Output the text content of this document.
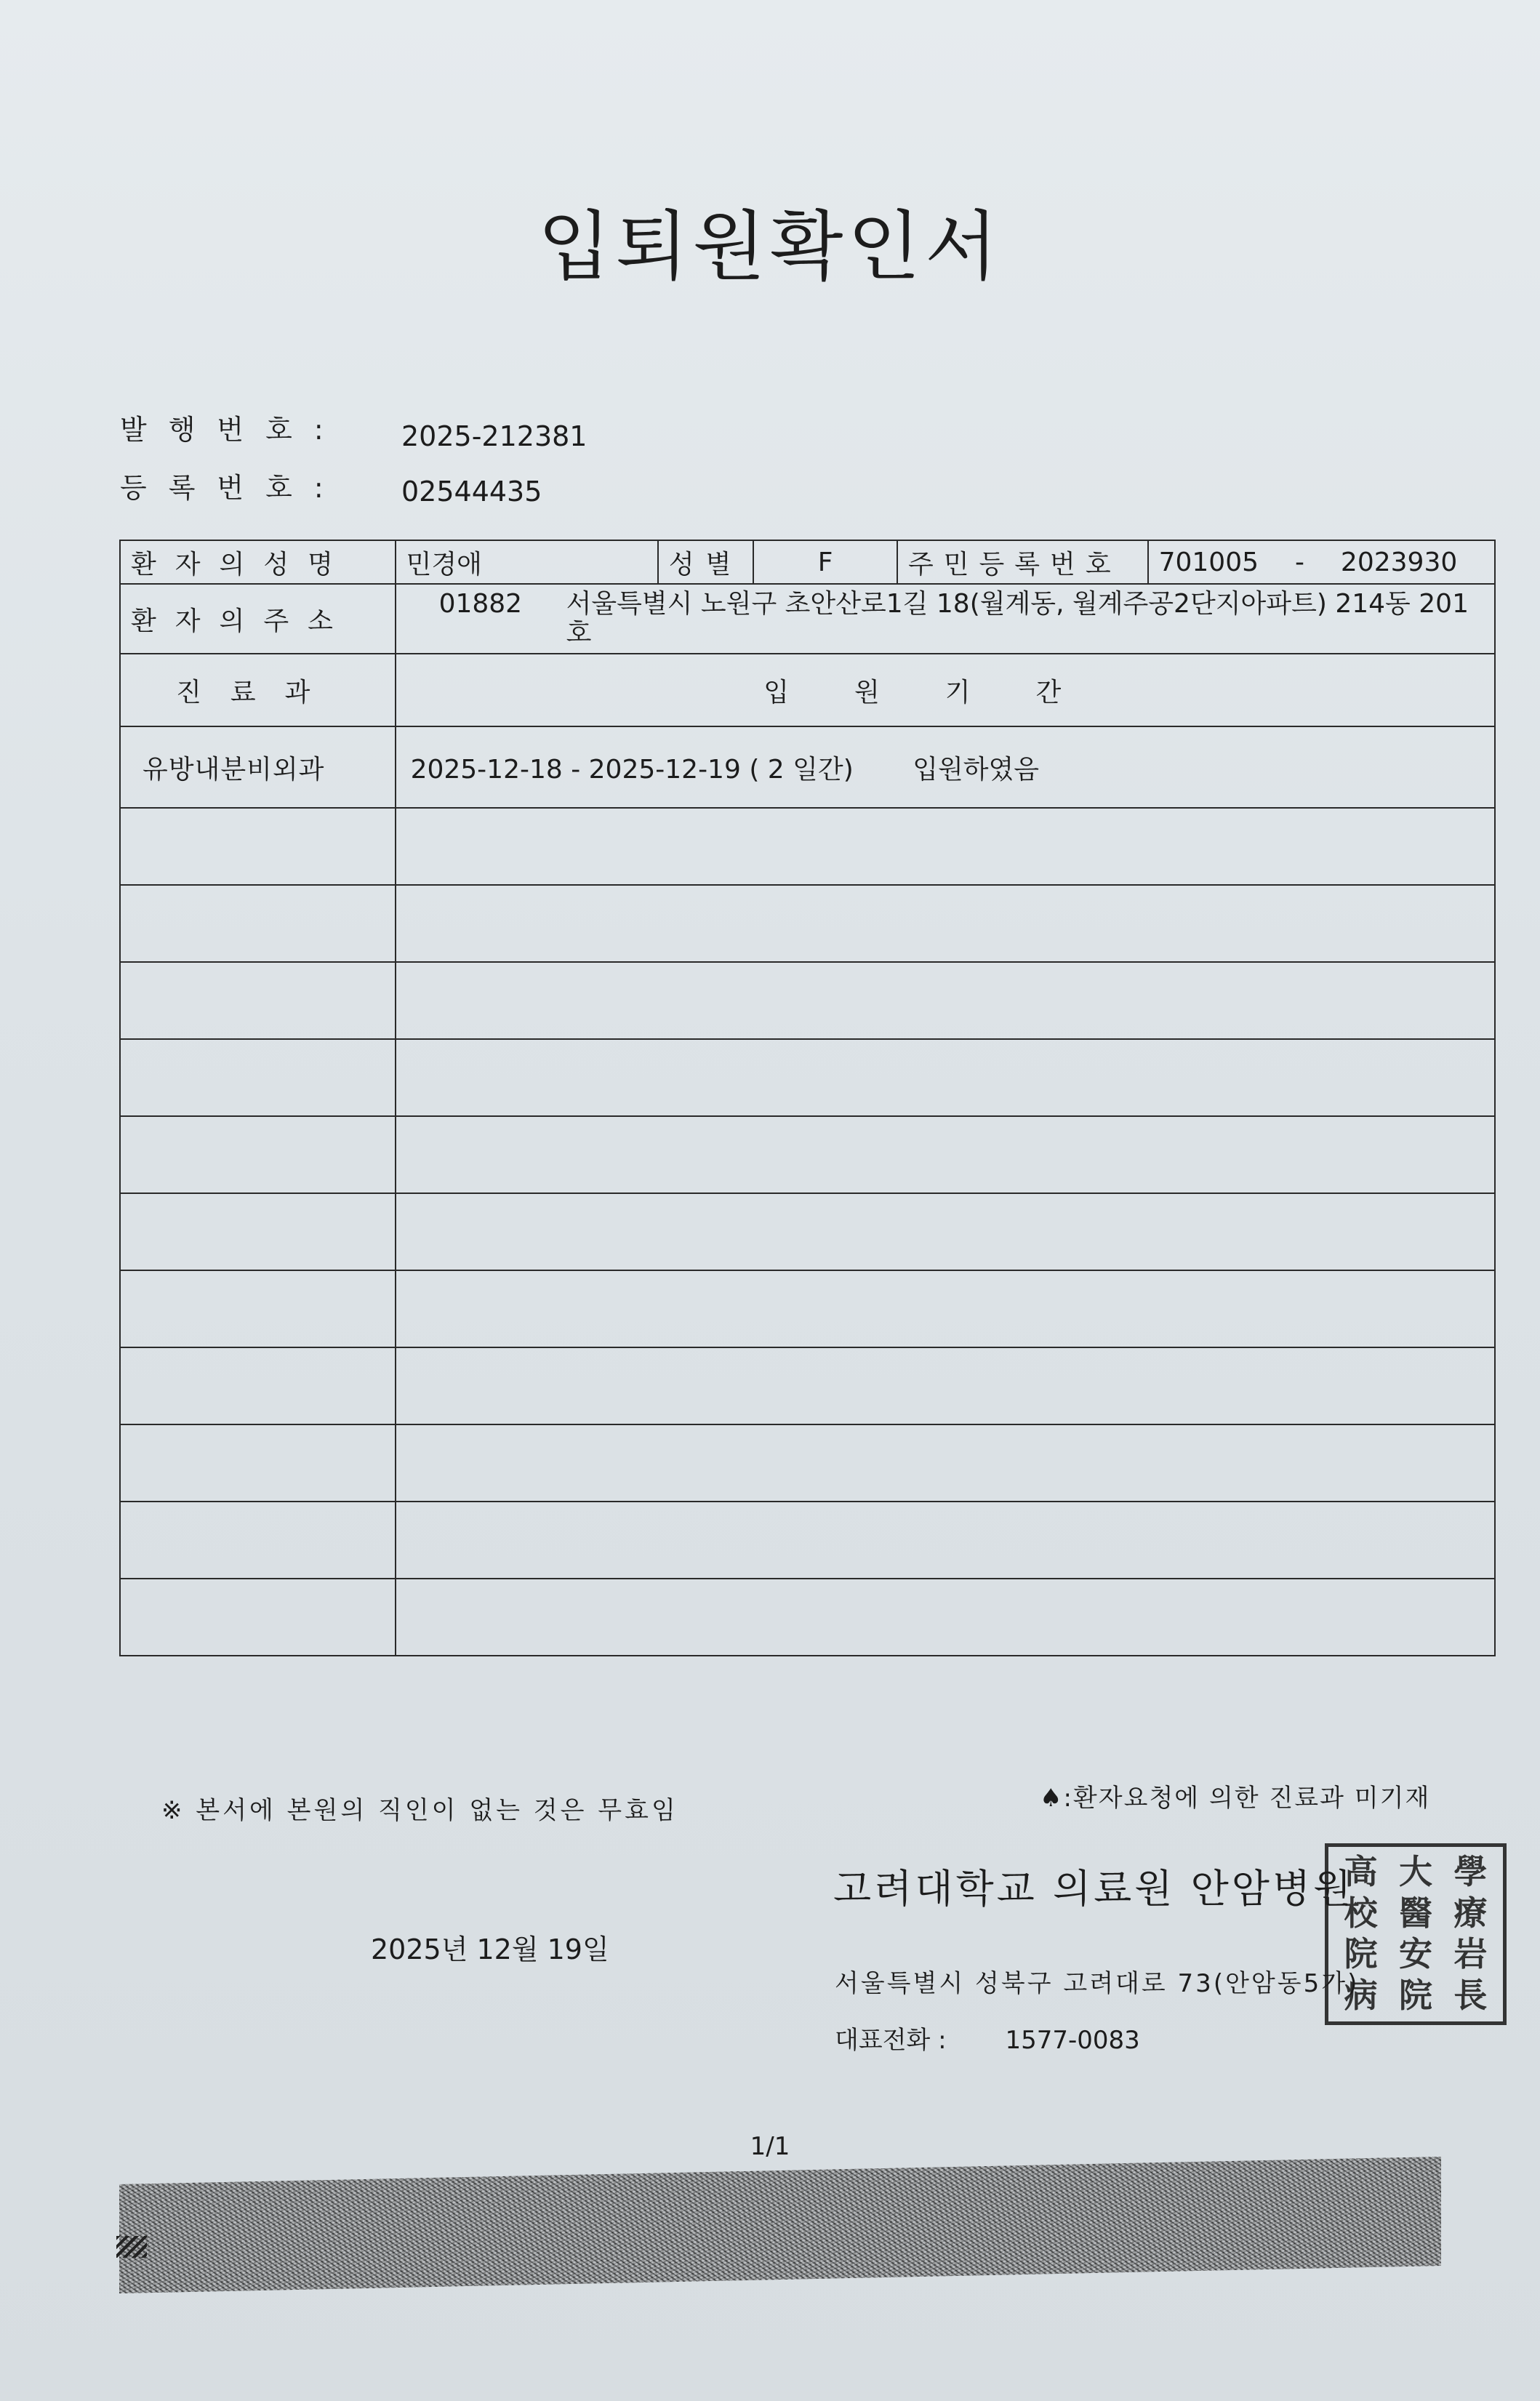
입퇴원확인서
발행번호: 2025-212381
등록번호: 02544435
환자의성명	민경애	성별	F	주민등록번호	701005 - 2023930
환자의주소	01882 서울특별시 노원구 초안산로1길 18(월계동, 월계주공2단지아파트) 214동 201호				
진료과	입원기간				
유방내분비외과	2025-12-18 - 2025-12-19 ( 2 일간) 입원하였음				

※ 본서에 본원의 직인이 없는 것은 무효임	♠:환자요청에 의한 진료과 미기재
고려대학교 의료원 안암병원
2025년 12월 19일
서울특별시 성북구 고려대로 73(안암동5가)
대표전화 : 1577-0083
高 大 學
校 醫 療
院 安 岩
病 院 長
1/1
